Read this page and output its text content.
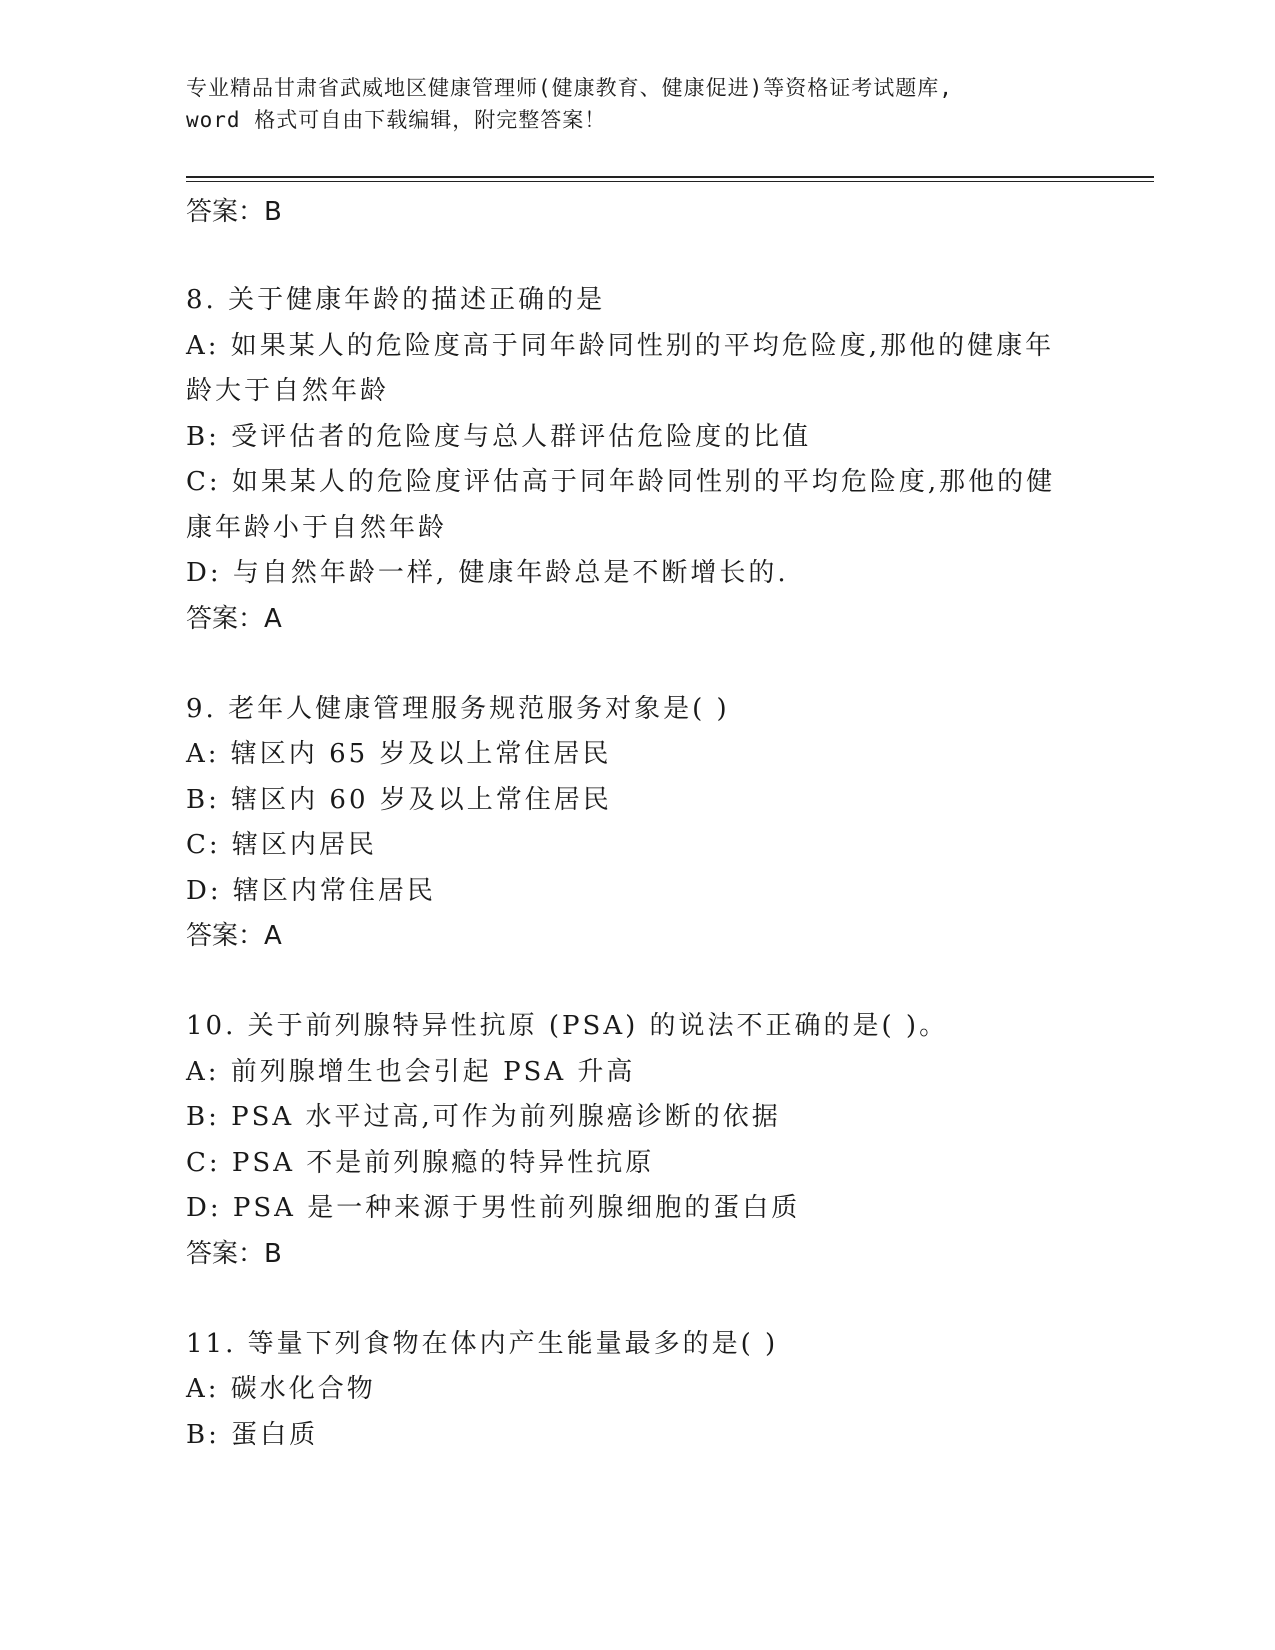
专业精品甘肃省武威地区健康管理师(健康教育、健康促进)等资格证考试题库,
word 格式可自由下载编辑，附完整答案！
答案：B
8. 关于健康年龄的描述正确的是
A: 如果某人的危险度高于同年龄同性别的平均危险度,那他的健康年
龄大于自然年龄
B: 受评估者的危险度与总人群评估危险度的比值
C: 如果某人的危险度评估高于同年龄同性别的平均危险度,那他的健
康年龄小于自然年龄
D: 与自然年龄一样, 健康年龄总是不断增长的.
答案：A
9. 老年人健康管理服务规范服务对象是( )
A: 辖区内 65 岁及以上常住居民
B: 辖区内 60 岁及以上常住居民
C: 辖区内居民
D: 辖区内常住居民
答案：A
10. 关于前列腺特异性抗原 (PSA) 的说法不正确的是( )。
A: 前列腺增生也会引起 PSA 升高
B: PSA 水平过高,可作为前列腺癌诊断的依据
C: PSA 不是前列腺瘾的特异性抗原
D: PSA 是一种来源于男性前列腺细胞的蛋白质
答案：B
11. 等量下列食物在体内产生能量最多的是( )
A: 碳水化合物
B: 蛋白质
